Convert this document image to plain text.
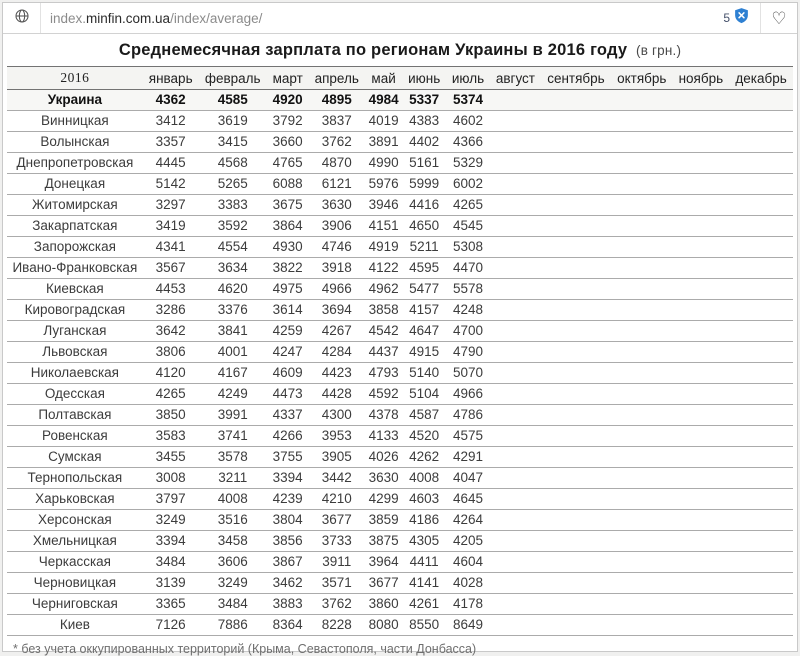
index. minfin.com.ua /index/average/	5 ♡
Среднемесячная зарплата по регионам Украины в 2016 году (в грн.)
2016	январь	февраль	март	апрель	май	июнь	июль	август	сентябрь	октябрь	ноябрь	декабрь
Украина	4362	4585	4920	4895	4984	5337	5374					
Винницкая	3412	3619	3792	3837	4019	4383	4602					
Волынская	3357	3415	3660	3762	3891	4402	4366					
Днепропетровская	4445	4568	4765	4870	4990	5161	5329					
Донецкая	5142	5265	6088	6121	5976	5999	6002					
Житомирская	3297	3383	3675	3630	3946	4416	4265					
Закарпатская	3419	3592	3864	3906	4151	4650	4545					
Запорожская	4341	4554	4930	4746	4919	5211	5308					
Ивано-Франковская	3567	3634	3822	3918	4122	4595	4470					
Киевская	4453	4620	4975	4966	4962	5477	5578					
Кировоградская	3286	3376	3614	3694	3858	4157	4248					
Луганская	3642	3841	4259	4267	4542	4647	4700					
Львовская	3806	4001	4247	4284	4437	4915	4790					
Николаевская	4120	4167	4609	4423	4793	5140	5070					
Одесская	4265	4249	4473	4428	4592	5104	4966					
Полтавская	3850	3991	4337	4300	4378	4587	4786					
Ровенская	3583	3741	4266	3953	4133	4520	4575					
Сумская	3455	3578	3755	3905	4026	4262	4291					
Тернопольская	3008	3211	3394	3442	3630	4008	4047					
Харьковская	3797	4008	4239	4210	4299	4603	4645					
Херсонская	3249	3516	3804	3677	3859	4186	4264					
Хмельницкая	3394	3458	3856	3733	3875	4305	4205					
Черкасская	3484	3606	3867	3911	3964	4411	4604					
Черновицкая	3139	3249	3462	3571	3677	4141	4028					
Черниговская	3365	3484	3883	3762	3860	4261	4178					
Киев	7126	7886	8364	8228	8080	8550	8649					
* без учета оккупированных территорий (Крыма, Севастополя, части Донбасса)
